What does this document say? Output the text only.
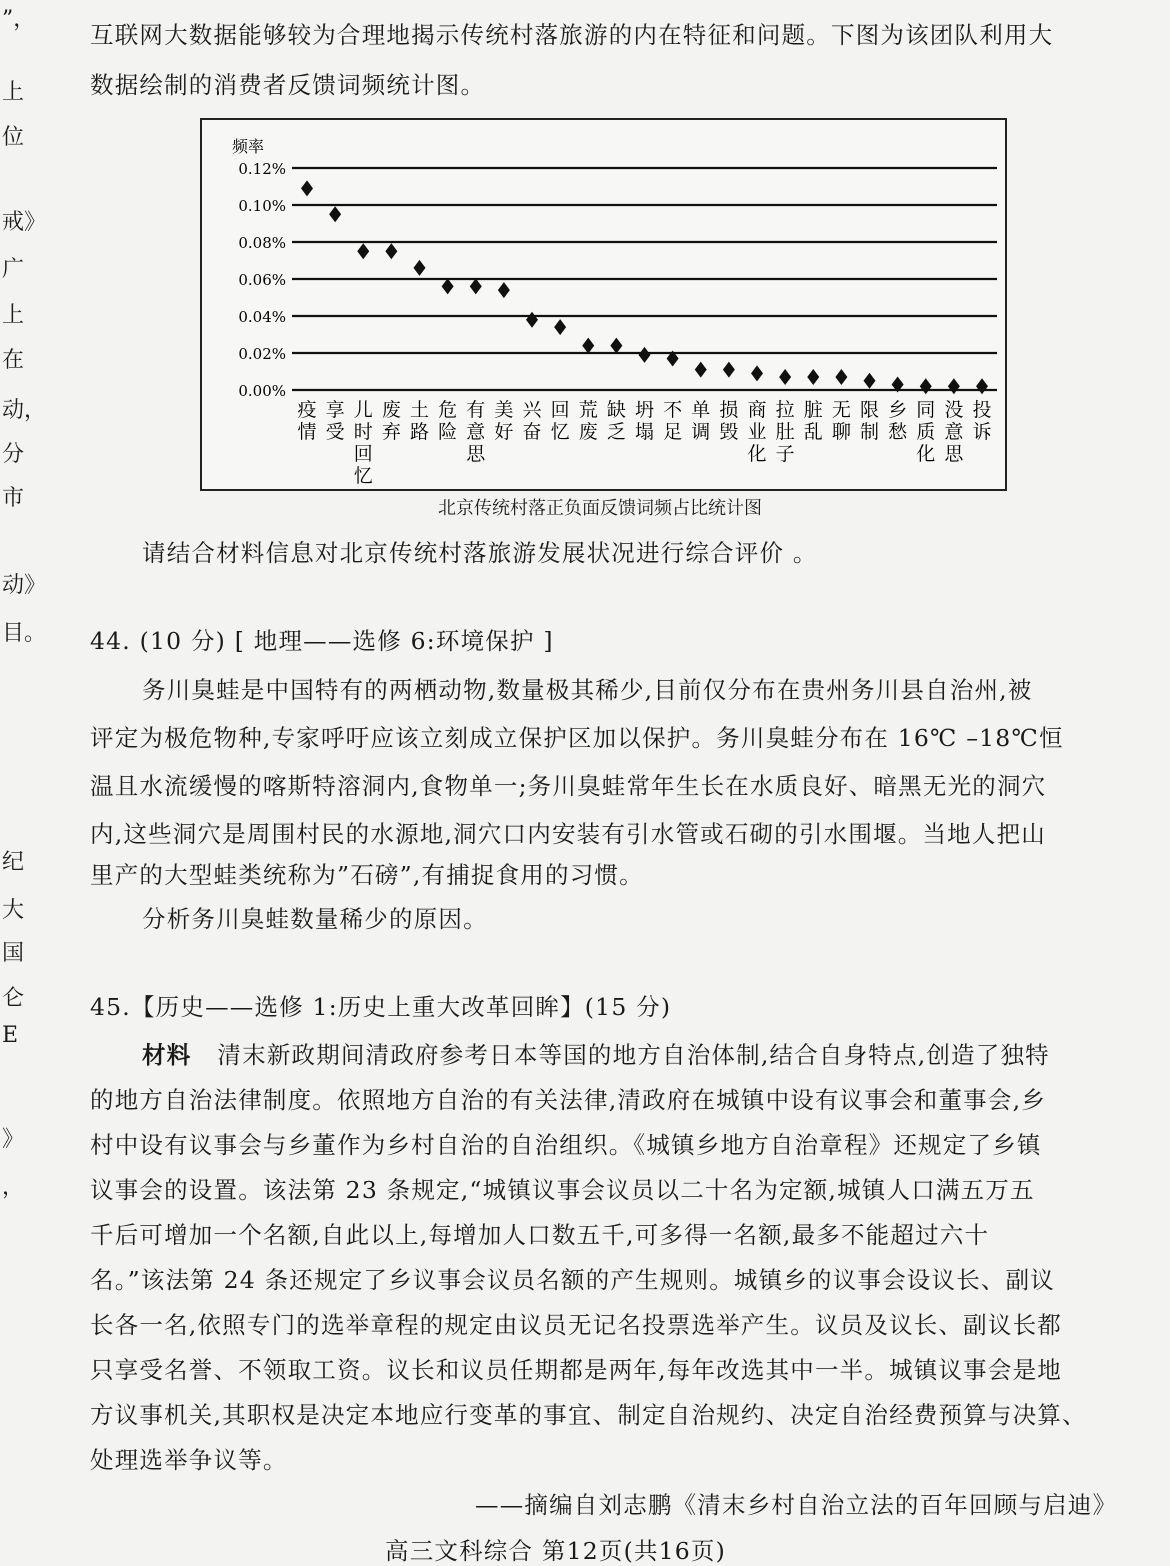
”，
上
位
戒》
广
上
在
动，
分
市
动》
目。
纪
大
国
仑
E
》
，
互联网大数据能够较为合理地揭示传统村落旅游的内在特征和问题。下图为该团队利用大
数据绘制的消费者反馈词频统计图。
频率
0.00%
0.02%
0.04%
0.06%
0.08%
0.10%
0.12%
疫
情
享
受
儿
时
回
忆
废
弃
土
路
危
险
有
意
思
美
好
兴
奋
回
忆
荒
废
缺
乏
坍
塌
不
足
单
调
损
毁
商
业
化
拉
肚
子
脏
乱
无
聊
限
制
乡
愁
同
质
化
没
意
思
投
诉
北京传统村落正负面反馈词频占比统计图
请结合材料信息对北京传统村落旅游发展状况进行综合评价 。
44. (10 分) [ 地理——选修 6:环境保护 ]
务川臭蛙是中国特有的两栖动物,数量极其稀少,目前仅分布在贵州务川县自治州,被
评定为极危物种,专家呼吁应该立刻成立保护区加以保护。务川臭蛙分布在 16℃ –18℃恒
温且水流缓慢的喀斯特溶洞内,食物单一;务川臭蛙常年生长在水质良好、暗黑无光的洞穴
内,这些洞穴是周围村民的水源地,洞穴口内安装有引水管或石砌的引水围堰。当地人把山
里产的大型蛙类统称为”石磅”,有捕捉食用的习惯。
分析务川臭蛙数量稀少的原因。
45.【历史——选修 1:历史上重大改革回眸】(15 分)
材料 清末新政期间清政府参考日本等国的地方自治体制,结合自身特点,创造了独特
的地方自治法律制度。依照地方自治的有关法律,清政府在城镇中设有议事会和董事会,乡
村中设有议事会与乡董作为乡村自治的自治组织。《城镇乡地方自治章程》还规定了乡镇
议事会的设置。该法第 23 条规定,“城镇议事会议员以二十名为定额,城镇人口满五万五
千后可增加一个名额,自此以上,每增加人口数五千,可多得一名额,最多不能超过六十
名。”该法第 24 条还规定了乡议事会议员名额的产生规则。城镇乡的议事会设议长、副议
长各一名,依照专门的选举章程的规定由议员无记名投票选举产生。议员及议长、副议长都
只享受名誉、不领取工资。议长和议员任期都是两年,每年改选其中一半。城镇议事会是地
方议事机关,其职权是决定本地应行变革的事宜、制定自治规约、决定自治经费预算与决算、
处理选举争议等。
——摘编自刘志鹏《清末乡村自治立法的百年回顾与启迪》
高三文科综合 第12页(共16页)
